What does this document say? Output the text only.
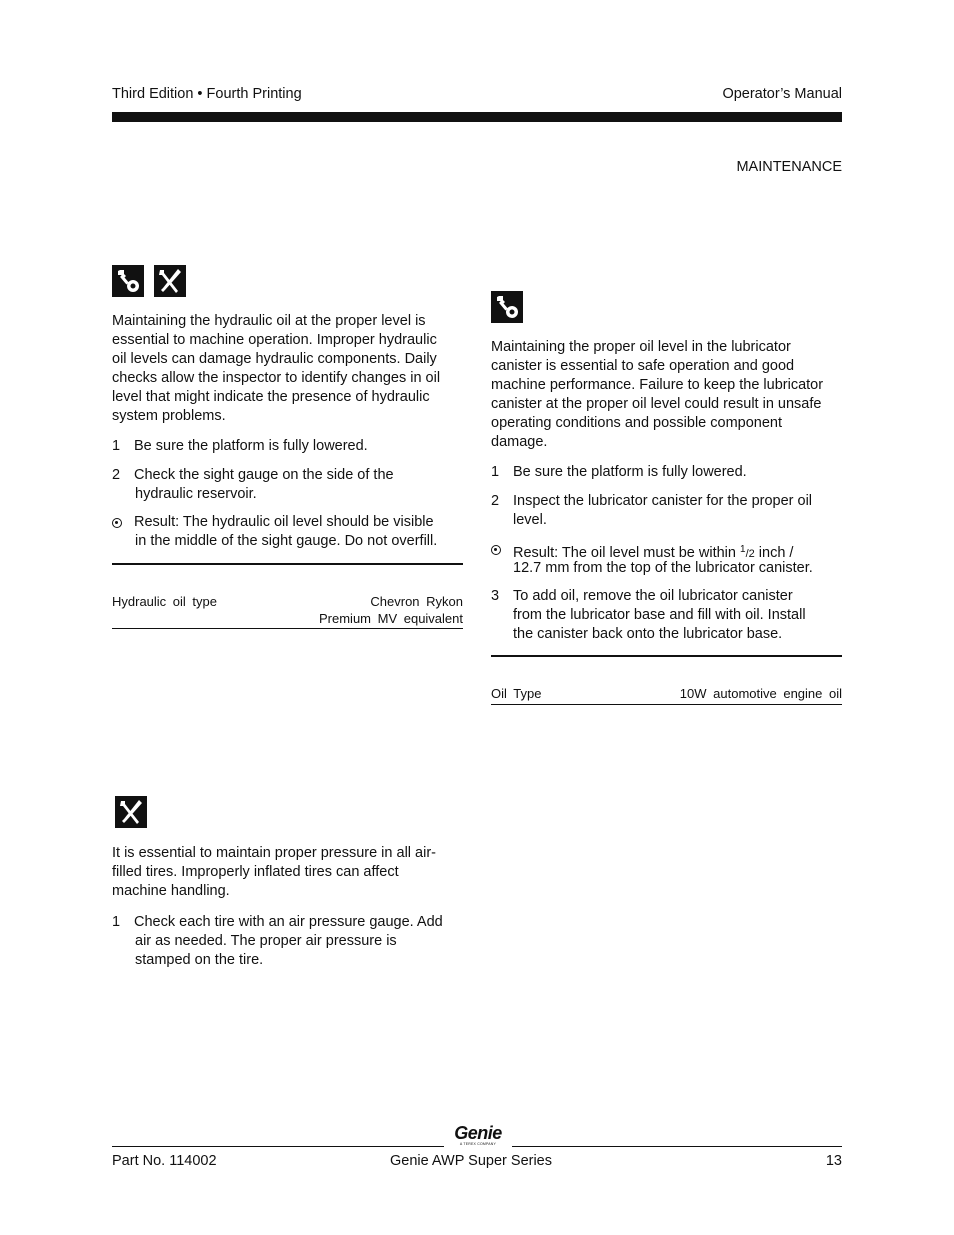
Third Edition • Fourth Printing	Operator’s Manual
MAINTENANCE
Maintaining the hydraulic oil at the proper level is
essential to machine operation. Improper hydraulic
oil levels can damage hydraulic components. Daily
checks allow the inspector to identify changes in oil
level that might indicate the presence of hydraulic
system problems.
1 Be sure the platform is fully lowered.
2 Check the sight gauge on the side of the
hydraulic reservoir.
Result: The hydraulic oil level should be visible
in the middle of the sight gauge. Do not overfill.
Hydraulic oil type	Chevron Rykon
Premium MV equivalent
Maintaining the proper oil level in the lubricator
canister is essential to safe operation and good
machine performance. Failure to keep the lubricator
canister at the proper oil level could result in unsafe
operating conditions and possible component
damage.
1 Be sure the platform is fully lowered.
2 Inspect the lubricator canister for the proper oil
level.
Result: The oil level must be within $^1$/2 inch /
12.7 mm from the top of the lubricator canister.
3 To add oil, remove the oil lubricator canister
from the lubricator base and fill with oil. Install
the canister back onto the lubricator base.
Oil Type	10W automotive engine oil
It is essential to maintain proper pressure in all air-
filled tires. Improperly inflated tires can affect
machine handling.
1 Check each tire with an air pressure gauge. Add
air as needed. The proper air pressure is
stamped on the tire.
Genie
A TEREX COMPANY
Part No. 114002	Genie AWP Super Series	13
